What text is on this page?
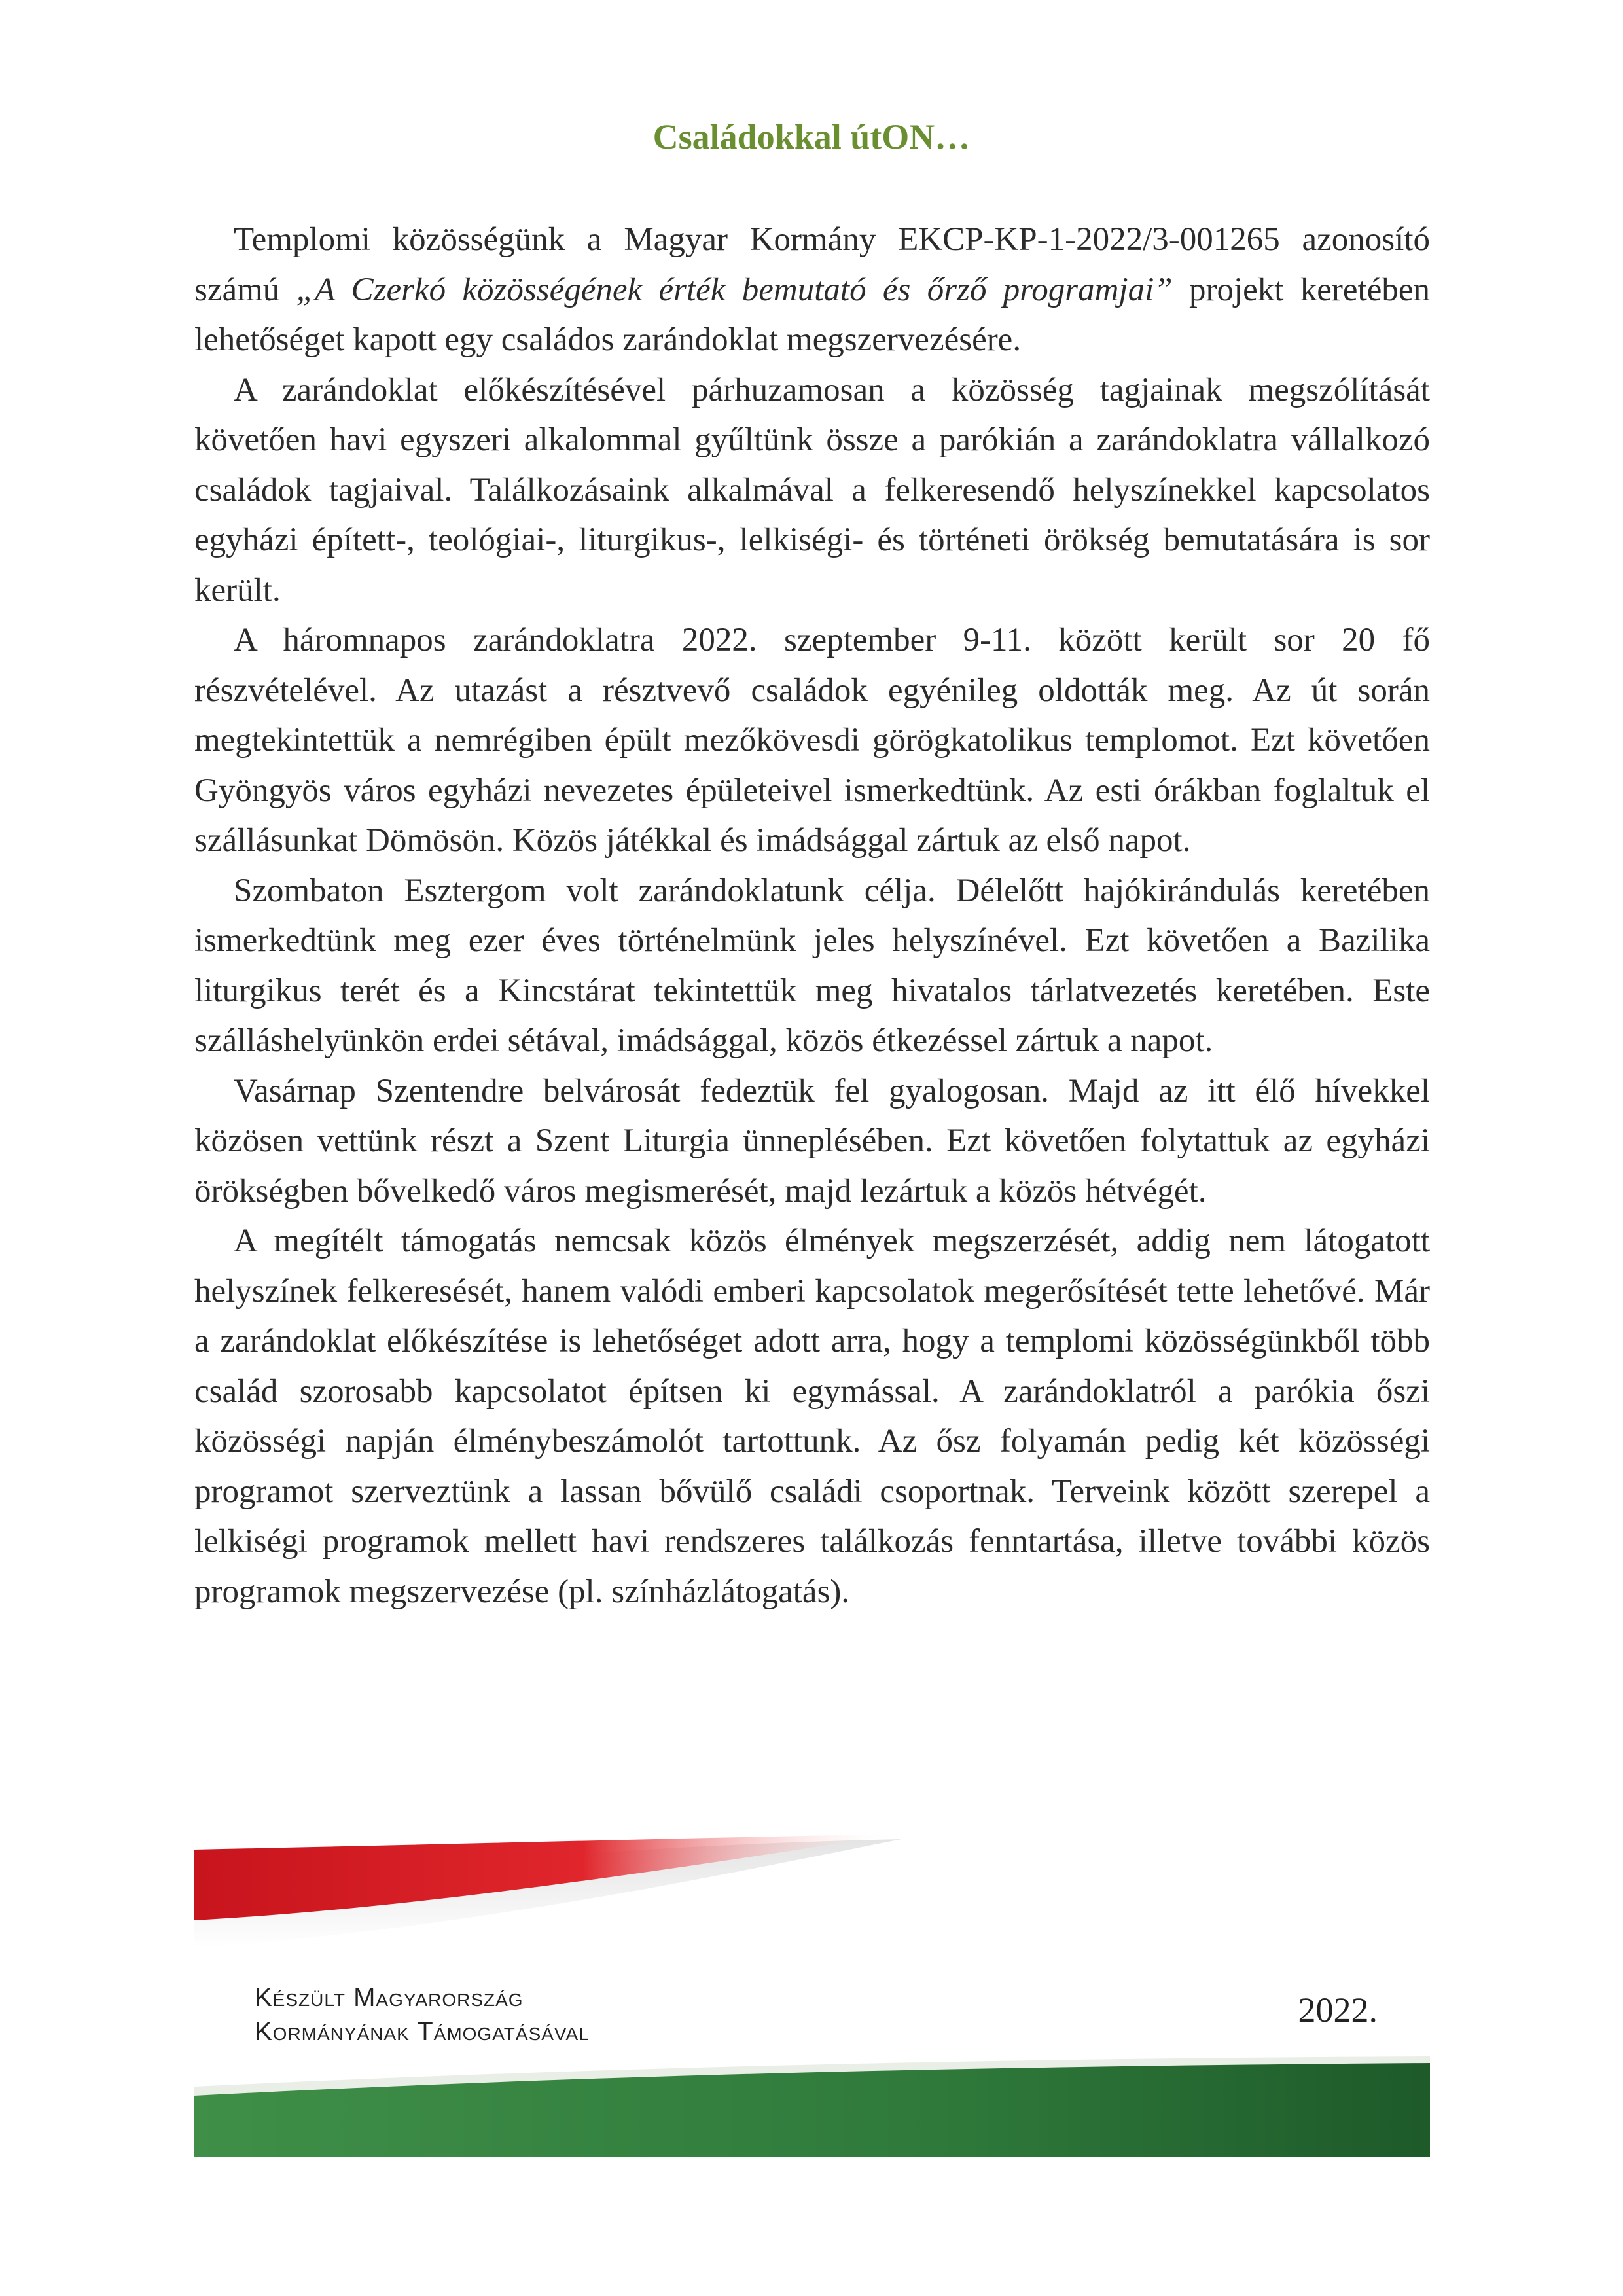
Családokkal útON…

Templomi közösségünk a Magyar Kormány EKCP-KP-1-2022/3-001265 azonosító számú „A Czerkó közösségének érték bemutató és őrző programjai” projekt keretében lehetőséget kapott egy családos zarándoklat megszervezésére.

A zarándoklat előkészítésével párhuzamosan a közösség tagjainak megszólítását követően havi egyszeri alkalommal gyűltünk össze a parókián a zarándoklatra vállalkozó családok tagjaival. Találkozásaink alkalmával a felkeresendő helyszínekkel kapcsolatos egyházi épített-, teológiai-, liturgikus-, lelkiségi- és történeti örökség bemutatására is sor került.

A háromnapos zarándoklatra 2022. szeptember 9-11. között került sor 20 fő részvételével. Az utazást a résztvevő családok egyénileg oldották meg. Az út során megtekintettük a nemrégiben épült mezőkövesdi görögkatolikus templomot. Ezt követően Gyöngyös város egyházi nevezetes épületeivel ismerkedtünk. Az esti órákban foglaltuk el szállásunkat Dömösön. Közös játékkal és imádsággal zártuk az első napot.

Szombaton Esztergom volt zarándoklatunk célja. Délelőtt hajókirándulás keretében ismerkedtünk meg ezer éves történelmünk jeles helyszínével. Ezt követően a Bazilika liturgikus terét és a Kincstárat tekintettük meg hivatalos tárlatvezetés keretében. Este szálláshelyünkön erdei sétával, imádsággal, közös étkezéssel zártuk a napot.

Vasárnap Szentendre belvárosát fedeztük fel gyalogosan. Majd az itt élő hívekkel közösen vettünk részt a Szent Liturgia ünneplésében. Ezt követően folytattuk az egyházi örökségben bővelkedő város megismerését, majd lezártuk a közös hétvégét.

A megítélt támogatás nemcsak közös élmények megszerzését, addig nem látogatott helyszínek felkeresését, hanem valódi emberi kapcsolatok megerősítését tette lehetővé. Már a zarándoklat előkészítése is lehetőséget adott arra, hogy a templomi közösségünkből több család szorosabb kapcsolatot építsen ki egymással. A zarándoklatról a parókia őszi közösségi napján élménybeszámolót tartottunk. Az ősz folyamán pedig két közösségi programot szerveztünk a lassan bővülő családi csoportnak. Terveink között szerepel a lelkiségi programok mellett havi rendszeres találkozás fenntartása, illetve további közös programok megszervezése (pl. színházlátogatás).

Készült Magyarország
Kormányának Támogatásával

2022.
